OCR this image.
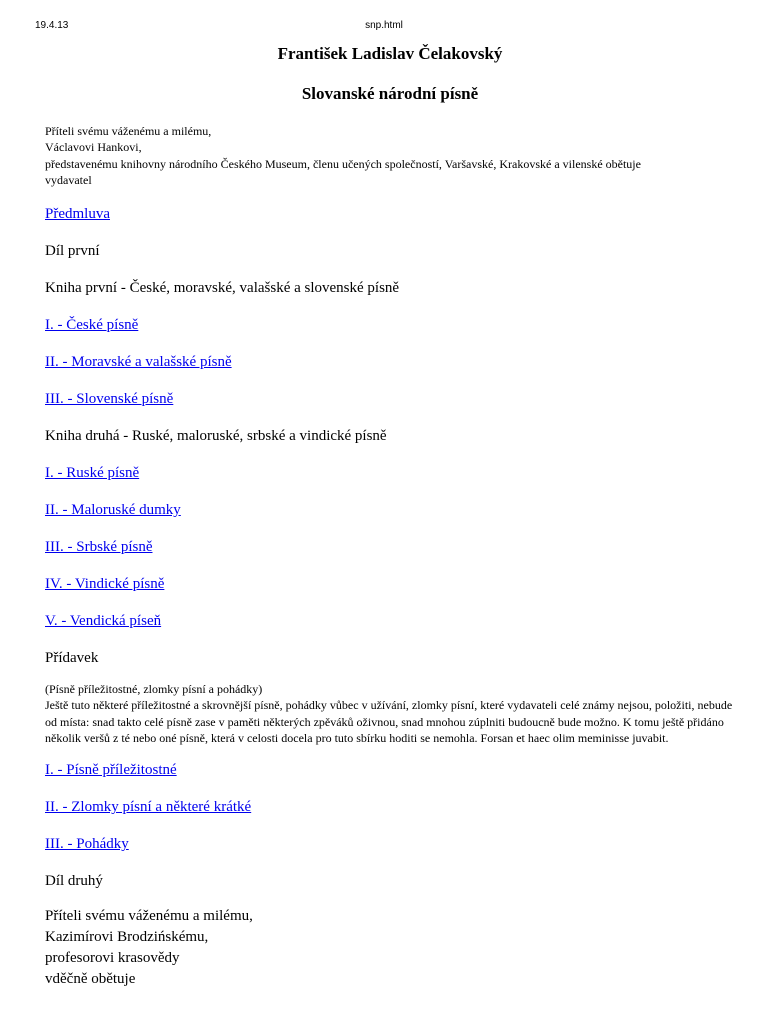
19.4.13	snp.html
František Ladislav Čelakovský
Slovanské národní písně
Příteli svému váženému a milému,
Václavovi Hankovi,
představenému knihovny národního Českého Museum, členu učených společností, Varšavské, Krakovské a vilenské obětuje
vydavatel

Předmluva

Díl první

Kniha první - České, moravské, valašské a slovenské písně

I. - České písně

II. - Moravské a valašské písně

III. - Slovenské písně

Kniha druhá - Ruské, maloruské, srbské a vindické písně

I. - Ruské písně

II. - Maloruské dumky

III. - Srbské písně

IV. - Vindické písně

V. - Vendická píseň

Přídavek

(Písně příležitostné, zlomky písní a pohádky)
Ještě tuto některé příležitostné a skrovnější písně, pohádky vůbec v užívání, zlomky písní, které vydavateli celé známy nejsou, položiti, nebude od místa: snad takto celé písně zase v paměti některých zpěváků oživnou, snad mnohou zúplniti budoucně bude možno. K tomu ještě přidáno několik veršů z té nebo oné písně, která v celosti docela pro tuto sbírku hoditi se nemohla. Forsan et haec olim meminisse juvabit.

I. - Písně příležitostné

II. - Zlomky písní a některé krátké

III. - Pohádky

Díl druhý

Příteli svému váženému a milému,
Kazimírovi Brodzińskému,
profesorovi krasovědy
vděčně obětuje
